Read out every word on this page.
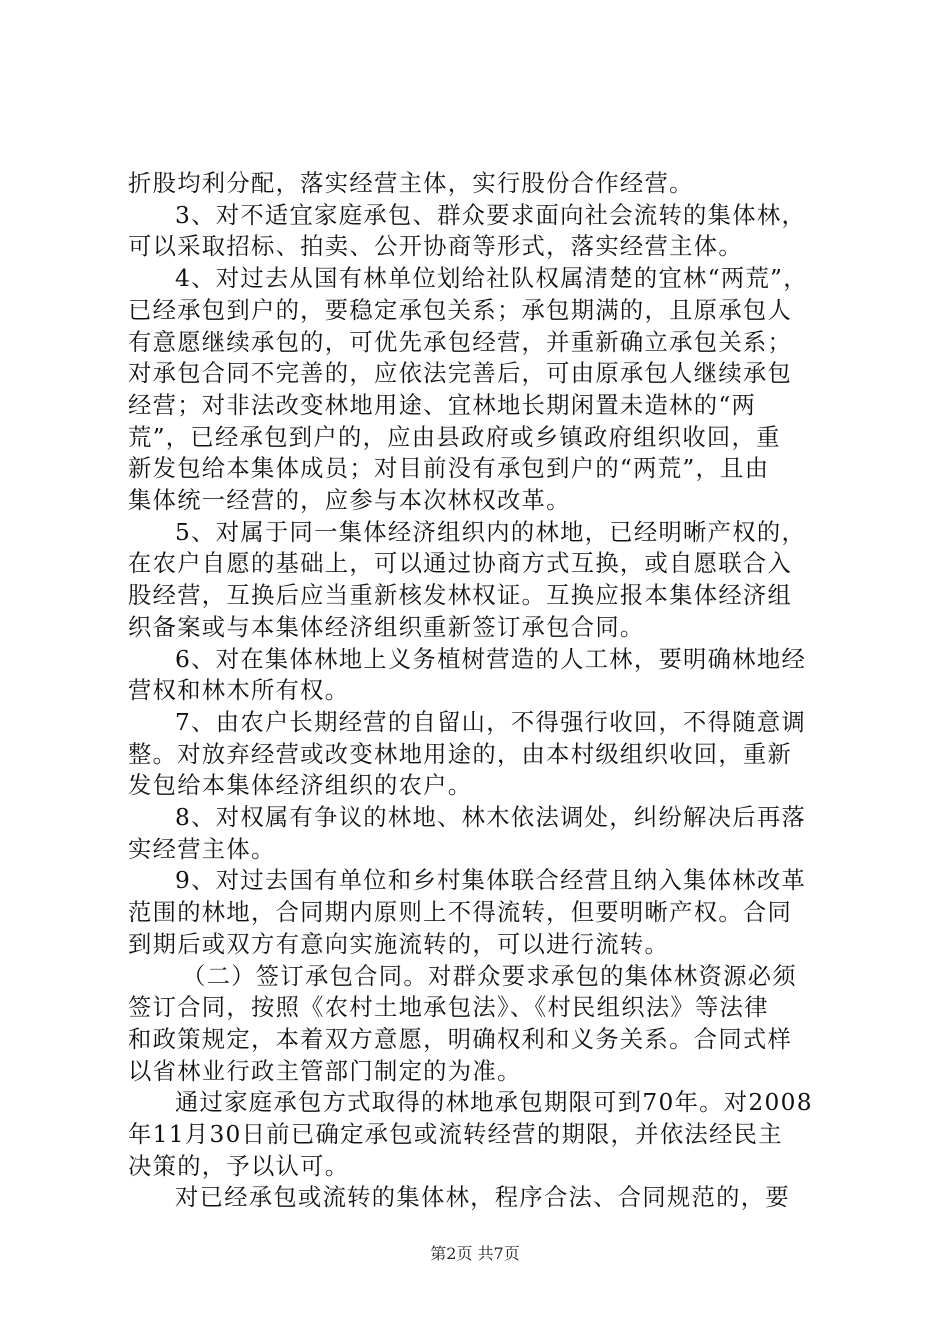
折股均利分配，落实经营主体，实行股份合作经营。
3、对不适宜家庭承包、群众要求面向社会流转的集体林，
可以采取招标、拍卖、公开协商等形式，落实经营主体。
4、对过去从国有林单位划给社队权属清楚的宜林“两荒”，
已经承包到户的，要稳定承包关系；承包期满的，且原承包人
有意愿继续承包的，可优先承包经营，并重新确立承包关系；
对承包合同不完善的，应依法完善后，可由原承包人继续承包
经营；对非法改变林地用途、宜林地长期闲置未造林的“两
荒”，已经承包到户的，应由县政府或乡镇政府组织收回，重
新发包给本集体成员；对目前没有承包到户的“两荒”，且由
集体统一经营的，应参与本次林权改革。
5、对属于同一集体经济组织内的林地，已经明晰产权的，
在农户自愿的基础上，可以通过协商方式互换，或自愿联合入
股经营，互换后应当重新核发林权证。互换应报本集体经济组
织备案或与本集体经济组织重新签订承包合同。
6、对在集体林地上义务植树营造的人工林，要明确林地经
营权和林木所有权。
7、由农户长期经营的自留山，不得强行收回，不得随意调
整。对放弃经营或改变林地用途的，由本村级组织收回，重新
发包给本集体经济组织的农户。
8、对权属有争议的林地、林木依法调处，纠纷解决后再落
实经营主体。
9、对过去国有单位和乡村集体联合经营且纳入集体林改革
范围的林地，合同期内原则上不得流转，但要明晰产权。合同
到期后或双方有意向实施流转的，可以进行流转。
（二）签订承包合同。对群众要求承包的集体林资源必须
签订合同，按照《农村土地承包法》、《村民组织法》等法律
和政策规定，本着双方意愿，明确权利和义务关系。合同式样
以省林业行政主管部门制定的为准。
通过家庭承包方式取得的林地承包期限可到70年。对2008
年11月30日前已确定承包或流转经营的期限，并依法经民主
决策的，予以认可。
对已经承包或流转的集体林，程序合法、合同规范的，要
第2页 共7页
